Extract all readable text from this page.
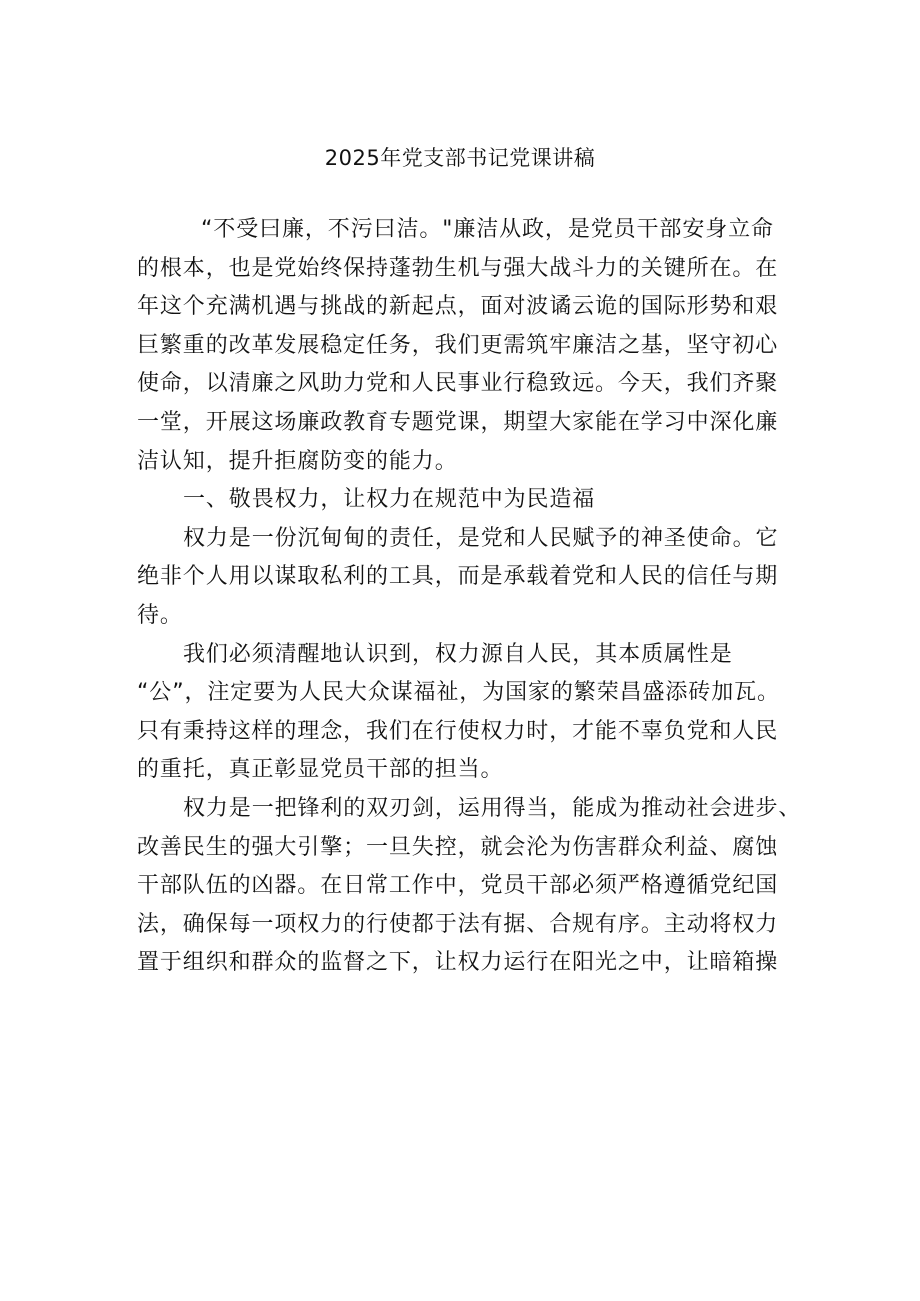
2025年党支部书记党课讲稿
“不受曰廉，不污曰洁。"廉洁从政，是党员干部安身立命
的根本，也是党始终保持蓬勃生机与强大战斗力的关键所在。在
年这个充满机遇与挑战的新起点，面对波谲云诡的国际形势和艰
巨繁重的改革发展稳定任务，我们更需筑牢廉洁之基，坚守初心
使命，以清廉之风助力党和人民事业行稳致远。今天，我们齐聚
一堂，开展这场廉政教育专题党课，期望大家能在学习中深化廉
洁认知，提升拒腐防变的能力。
一、敬畏权力，让权力在规范中为民造福
权力是一份沉甸甸的责任，是党和人民赋予的神圣使命。它
绝非个人用以谋取私利的工具，而是承载着党和人民的信任与期
待。
我们必须清醒地认识到，权力源自人民，其本质属性是
“公”，注定要为人民大众谋福祉，为国家的繁荣昌盛添砖加瓦。
只有秉持这样的理念，我们在行使权力时，才能不辜负党和人民
的重托，真正彰显党员干部的担当。
权力是一把锋利的双刃剑，运用得当，能成为推动社会进步、
改善民生的强大引擎；一旦失控，就会沦为伤害群众利益、腐蚀
干部队伍的凶器。在日常工作中，党员干部必须严格遵循党纪国
法，确保每一项权力的行使都于法有据、合规有序。主动将权力
置于组织和群众的监督之下，让权力运行在阳光之中，让暗箱操
